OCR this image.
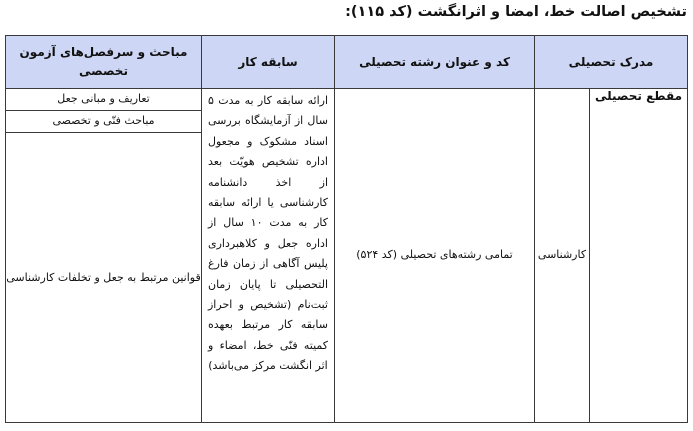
تشخیص اصالت خط، امضا و اثرانگشت (کد ۱۱۵):
مدرک تحصیلی		کد و عنوان رشته تحصیلی	سابقه کار	مباحث و سرفصل‌های آزمون تخصصی
مقطع تحصیلی	کارشناسی	تمامی رشته‌های تحصیلی (کد ۵۲۴)	ارائه سابقه کار به مدت ۵ سال از آزمایشگاه بررسی اسناد مشکوک و مجعول اداره تشخیص هویّت بعد از اخذ دانشنامه کارشناسی یا ارائه سابقه کار به مدت ۱۰ سال از اداره جعل و کلاهبرداری پلیس آگاهی از زمان فارغ التحصیلی تا پایان زمان ثبت‌نام (تشخیص و احراز سابقه کار مرتبط بعهده کمیته فنّی خط، امضاء و اثر انگشت مرکز می‌باشد)	تعاریف و مبانی جعل
				مباحث فنّی و تخصصی
				قوانین مرتبط به جعل و تخلفات کارشناسی
